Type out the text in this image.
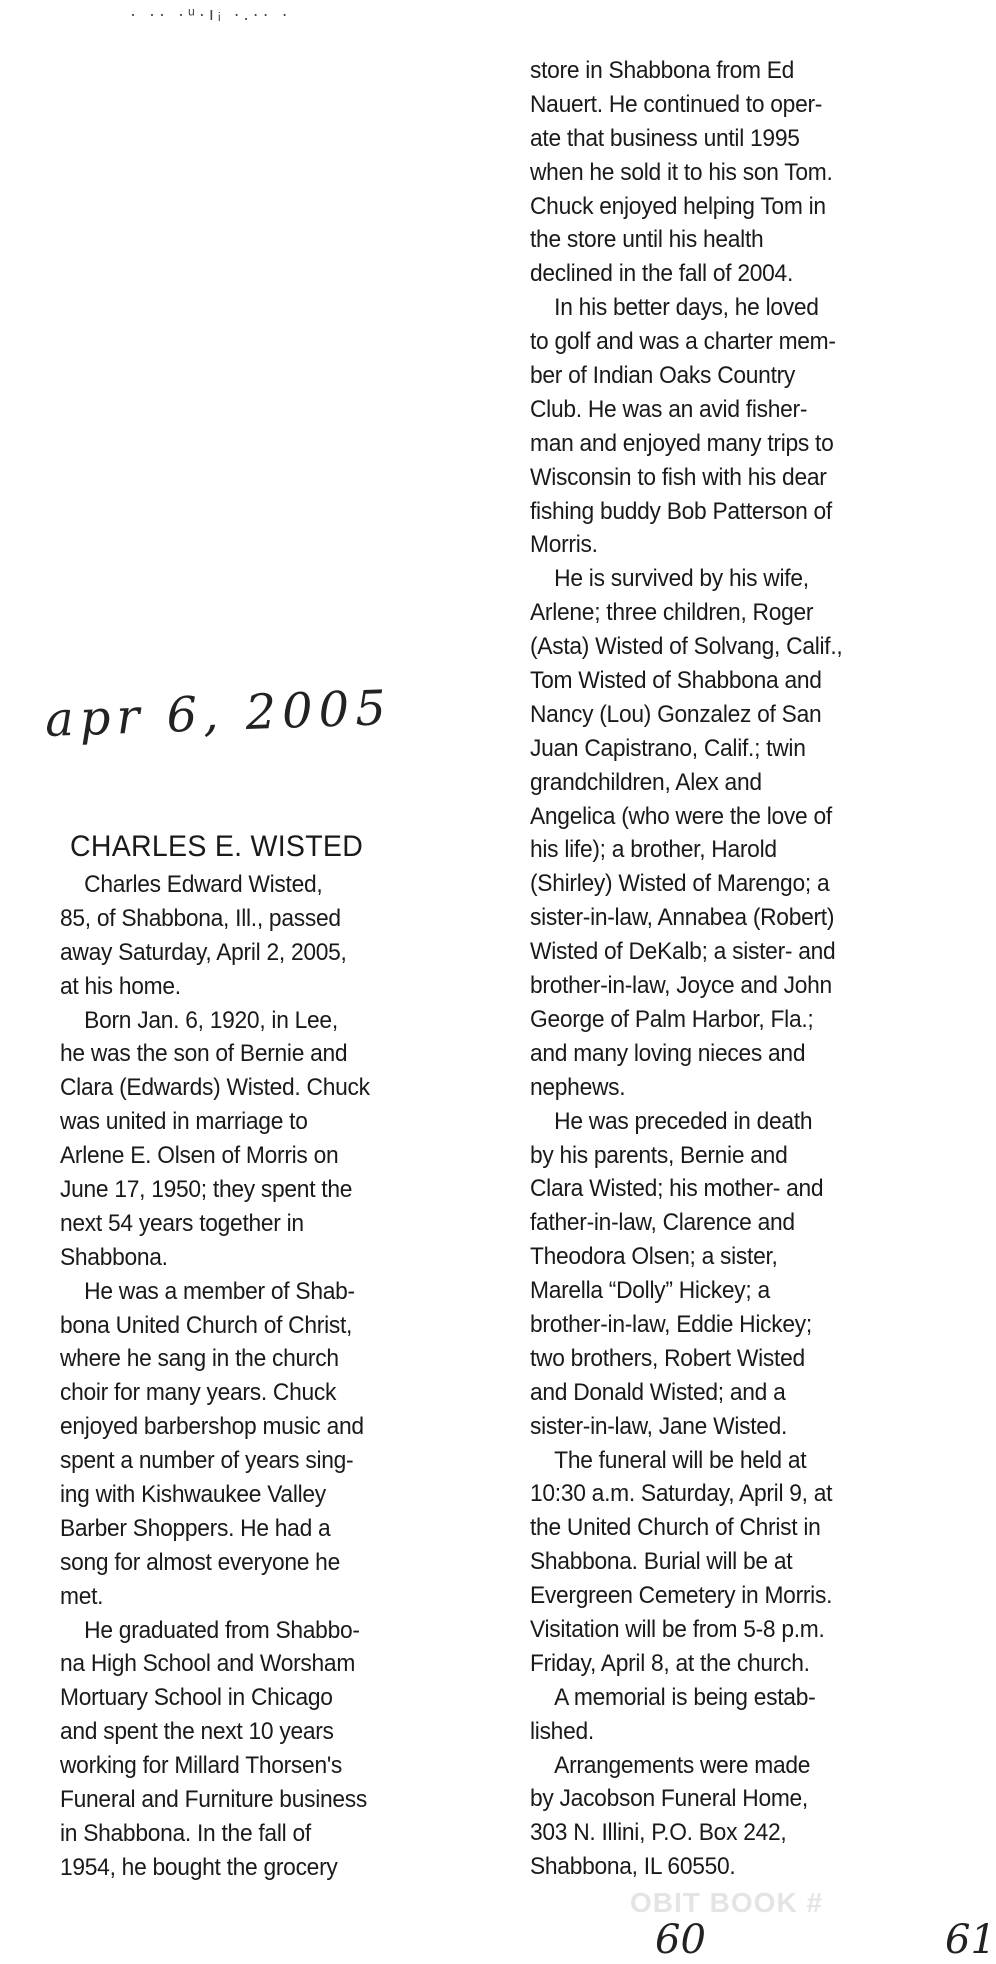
· ·· ·ᵘ·ıᵢ ·.·· ·
apr 6, 2005
CHARLES E. WISTED
Charles Edward Wisted,
85, of Shabbona, Ill., passed
away Saturday, April 2, 2005,
at his home.
Born Jan. 6, 1920, in Lee,
he was the son of Bernie and
Clara (Edwards) Wisted. Chuck
was united in marriage to
Arlene E. Olsen of Morris on
June 17, 1950; they spent the
next 54 years together in
Shabbona.
He was a member of Shab-
bona United Church of Christ,
where he sang in the church
choir for many years. Chuck
enjoyed barbershop music and
spent a number of years sing-
ing with Kishwaukee Valley
Barber Shoppers. He had a
song for almost everyone he
met.
He graduated from Shabbo-
na High School and Worsham
Mortuary School in Chicago
and spent the next 10 years
working for Millard Thorsen's
Funeral and Furniture business
in Shabbona. In the fall of
1954, he bought the grocery
store in Shabbona from Ed
Nauert. He continued to oper-
ate that business until 1995
when he sold it to his son Tom.
Chuck enjoyed helping Tom in
the store until his health
declined in the fall of 2004.
In his better days, he loved
to golf and was a charter mem-
ber of Indian Oaks Country
Club. He was an avid fisher-
man and enjoyed many trips to
Wisconsin to fish with his dear
fishing buddy Bob Patterson of
Morris.
He is survived by his wife,
Arlene; three children, Roger
(Asta) Wisted of Solvang, Calif.,
Tom Wisted of Shabbona and
Nancy (Lou) Gonzalez of San
Juan Capistrano, Calif.; twin
grandchildren, Alex and
Angelica (who were the love of
his life); a brother, Harold
(Shirley) Wisted of Marengo; a
sister-in-law, Annabea (Robert)
Wisted of DeKalb; a sister- and
brother-in-law, Joyce and John
George of Palm Harbor, Fla.;
and many loving nieces and
nephews.
He was preceded in death
by his parents, Bernie and
Clara Wisted; his mother- and
father-in-law, Clarence and
Theodora Olsen; a sister,
Marella “Dolly” Hickey; a
brother-in-law, Eddie Hickey;
two brothers, Robert Wisted
and Donald Wisted; and a
sister-in-law, Jane Wisted.
The funeral will be held at
10:30 a.m. Saturday, April 9, at
the United Church of Christ in
Shabbona. Burial will be at
Evergreen Cemetery in Morris.
Visitation will be from 5-8 p.m.
Friday, April 8, at the church.
A memorial is being estab-
lished.
Arrangements were made
by Jacobson Funeral Home,
303 N. Illini, P.O. Box 242,
Shabbona, IL 60550.
OBIT BOOK #
60	61
